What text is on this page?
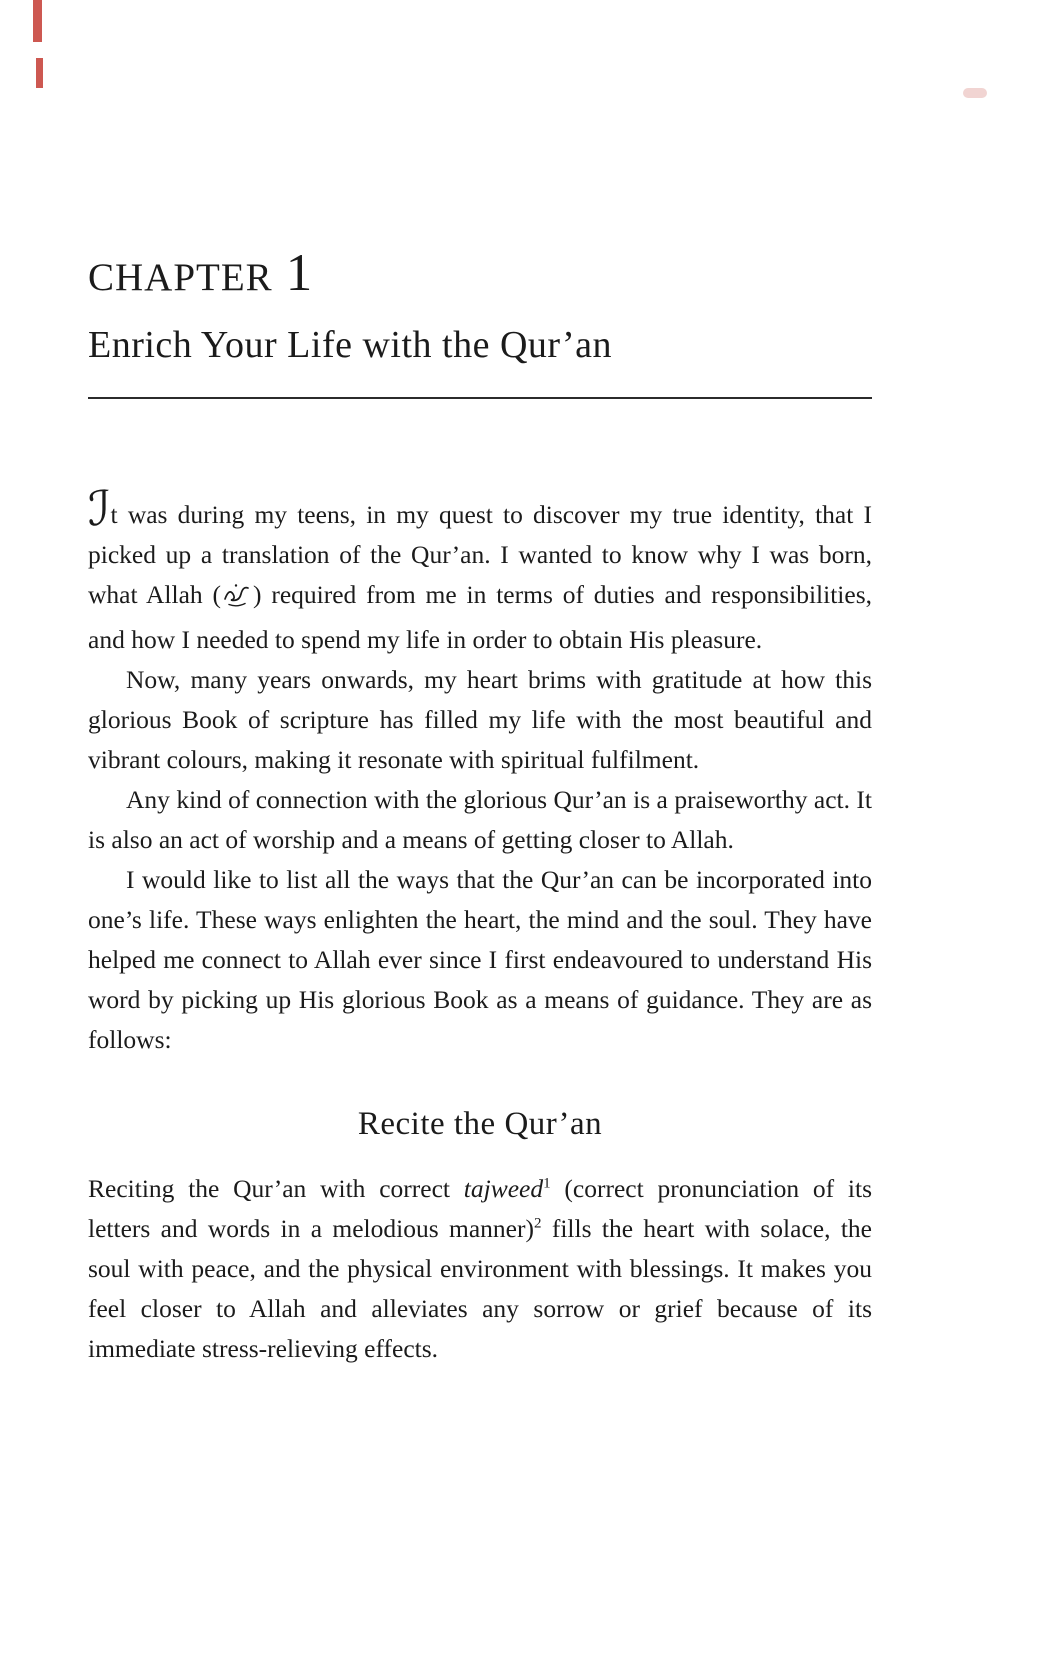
CHAPTER 1
Enrich Your Life with the Qur’an

ℐt was during my teens, in my quest to discover my true identity, that I picked up a translation of the Qur’an. I wanted to know why I was born, what Allah ( ) required from me in terms of duties and responsibilities, and how I needed to spend my life in order to obtain His pleasure.

Now, many years onwards, my heart brims with gratitude at how this glorious Book of scripture has filled my life with the most beautiful and vibrant colours, making it resonate with spiritual fulfilment.

Any kind of connection with the glorious Qur’an is a praiseworthy act. It is also an act of worship and a means of getting closer to Allah.

I would like to list all the ways that the Qur’an can be incorporated into one’s life. These ways enlighten the heart, the mind and the soul. They have helped me connect to Allah ever since I first endeavoured to understand His word by picking up His glorious Book as a means of guidance. They are as follows:

Recite the Qur’an

Reciting the Qur’an with correct tajweed$^1$ (correct pronunciation of its letters and words in a melodious manner)$^2$ fills the heart with solace, the soul with peace, and the physical environment with blessings. It makes you feel closer to Allah and alleviates any sorrow or grief because of its immediate stress-relieving effects.
